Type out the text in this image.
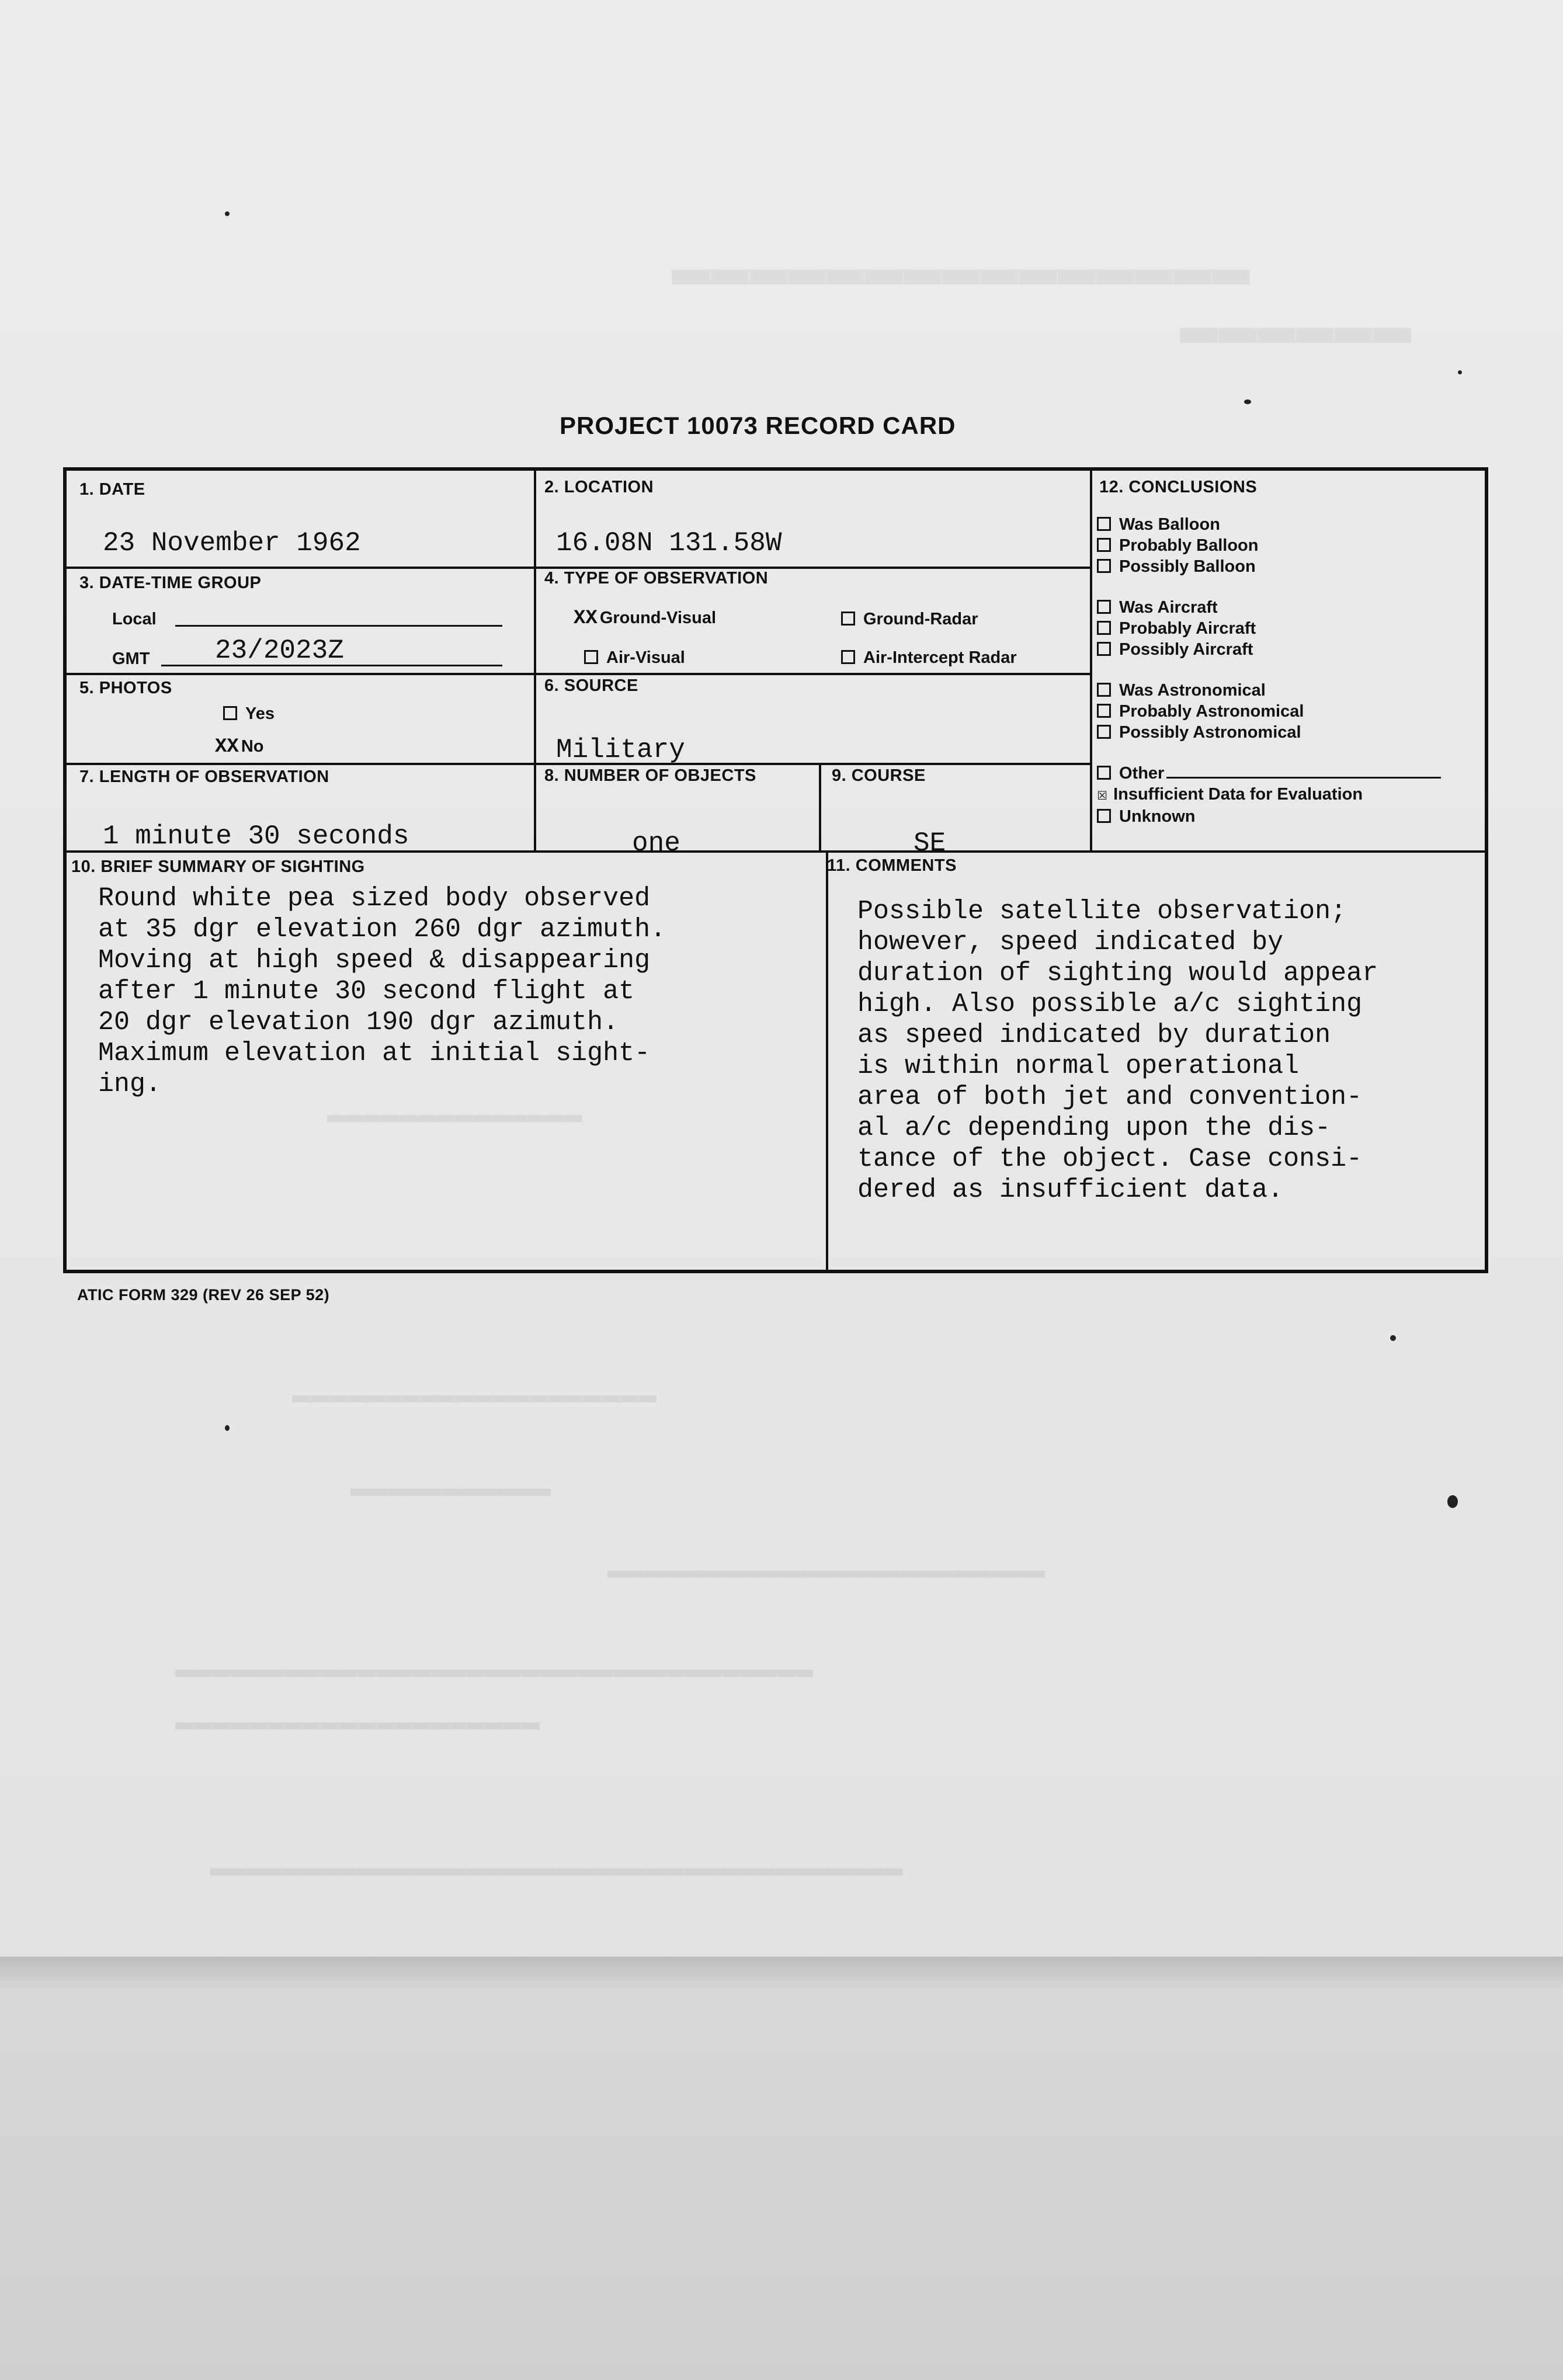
▬▬▬▬▬▬▬▬▬▬▬▬▬▬▬
▬▬▬▬▬▬
▬▬▬▬▬▬▬▬▬▬▬▬▬▬
▬▬▬▬▬▬▬▬▬▬▬▬▬▬▬▬▬▬▬▬
▬▬▬▬▬▬▬▬▬▬▬
▬▬▬▬▬▬▬▬▬▬▬▬▬▬▬▬▬▬▬▬▬▬▬▬
▬▬▬▬▬▬▬▬▬▬▬▬▬▬▬▬▬▬▬▬▬▬▬▬▬▬▬▬▬▬▬▬▬▬▬
▬▬▬▬▬▬▬▬▬▬▬▬▬▬▬▬▬▬▬▬
▬▬▬▬▬▬▬▬▬▬▬▬▬▬▬▬▬▬▬▬▬▬▬▬▬▬▬▬▬▬▬▬▬▬▬▬▬▬
PROJECT 10073 RECORD CARD
1. DATE
23 November 1962
2. LOCATION
16.08N 131.58W
3. DATE-TIME GROUP
Local
GMT 23/2023Z
4. TYPE OF OBSERVATION
XX Ground-Visual	Ground-Radar
Air-Visual	Air-Intercept Radar
5. PHOTOS
Yes
XX No
6. SOURCE
Military
7. LENGTH OF OBSERVATION
1 minute 30 seconds
8. NUMBER OF OBJECTS
one
9. COURSE
SE
10. BRIEF SUMMARY OF SIGHTING
Round white pea sized body observed
at 35 dgr elevation 260 dgr azimuth.
Moving at high speed & disappearing
after 1 minute 30 second flight at
20 dgr elevation 190 dgr azimuth.
Maximum elevation at initial sight-
ing.
11. COMMENTS
Possible satellite observation;
however, speed indicated by
duration of sighting would appear
high. Also possible a/c sighting
as speed indicated by duration
is within normal operational
area of both jet and convention-
al a/c depending upon the dis-
tance of the object. Case consi-
dered as insufficient data.
12. CONCLUSIONS
Was Balloon
Probably Balloon
Possibly Balloon
Was Aircraft
Probably Aircraft
Possibly Aircraft
Was Astronomical
Probably Astronomical
Possibly Astronomical
Other
☒ Insufficient Data for Evaluation
Unknown
ATIC FORM 329 (REV 26 SEP 52)
